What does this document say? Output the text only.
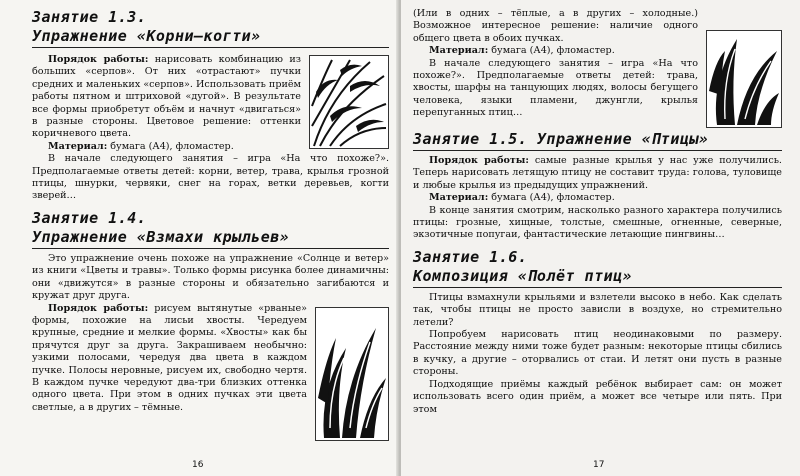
Занятие 1.3.

Упражнение «Корни–когти»

Порядок работы: нарисовать комбинацию из больших «серпов». От них «отрастают» пучки средних и маленьких «серпов». Использовать приём работы пятном и штриховой «дугой». В результате все формы приобретут объём и начнут «двигаться» в разные стороны. Цветовое решение: оттенки коричневого цвета.

Материал: бумага (А4), фломастер.

В начале следующего занятия – игра «На что похоже?». Предполагаемые ответы детей: корни, ветер, трава, крылья грозной птицы, шнурки, червяки, снег на горах, ветки деревьев, когти зверей…

Занятие 1.4.

Упражнение «Взмахи крыльев»

Это упражнение очень похоже на упражнение «Солнце и ветер» из книги «Цветы и травы». Только формы рисунка более динамичны: они «движутся» в разные стороны и обязательно загибаются и кружат друг друга.

Порядок работы: рисуем вытянутые «рваные» формы, похожие на лисьи хвосты. Чередуем крупные, средние и мелкие формы. «Хвосты» как бы прячутся друг за друга. Закрашиваем необычно: узкими полосами, чередуя два цвета в каждом пучке. Полосы неровные, рисуем их, свободно чертя. В каждом пучке чередуют два-три близких оттенка одного цвета. При этом в одних пучках эти цвета светлые, а в других – тёмные.

16

(Или в одних – тёплые, а в других – холодные.) Возможное интересное решение: наличие одного общего цвета в обоих пучках.

Материал: бумага (А4), фломастер.

В начале следующего занятия – игра «На что похоже?». Предполагаемые ответы детей: трава, хвосты, шарфы на танцующих людях, волосы бегущего человека, языки пламени, джунгли, крылья перепуганных птиц…

Занятие 1.5. Упражнение «Птицы»

Порядок работы: самые разные крылья у нас уже получились. Теперь нарисовать летящую птицу не составит труда: голова, туловище и любые крылья из предыдущих упражнений.

Материал: бумага (А4), фломастер.

В конце занятия смотрим, насколько разного характера получились птицы: грозные, хищные, толстые, смешные, огненные, северные, экзотичные попугаи, фантастические летающие пингвины…

Занятие 1.6.

Композиция «Полёт птиц»

Птицы взмахнули крыльями и взлетели высоко в небо. Как сделать так, чтобы птицы не просто зависли в воздухе, но стремительно летели?

Попробуем нарисовать птиц неодинаковыми по размеру. Расстояние между ними тоже будет разным: некоторые птицы сбились в кучку, а другие – оторвались от стаи. И летят они пусть в разные стороны.

Подходящие приёмы каждый ребёнок выбирает сам: он может использовать всего один приём, а может все четыре или пять. При этом

17
